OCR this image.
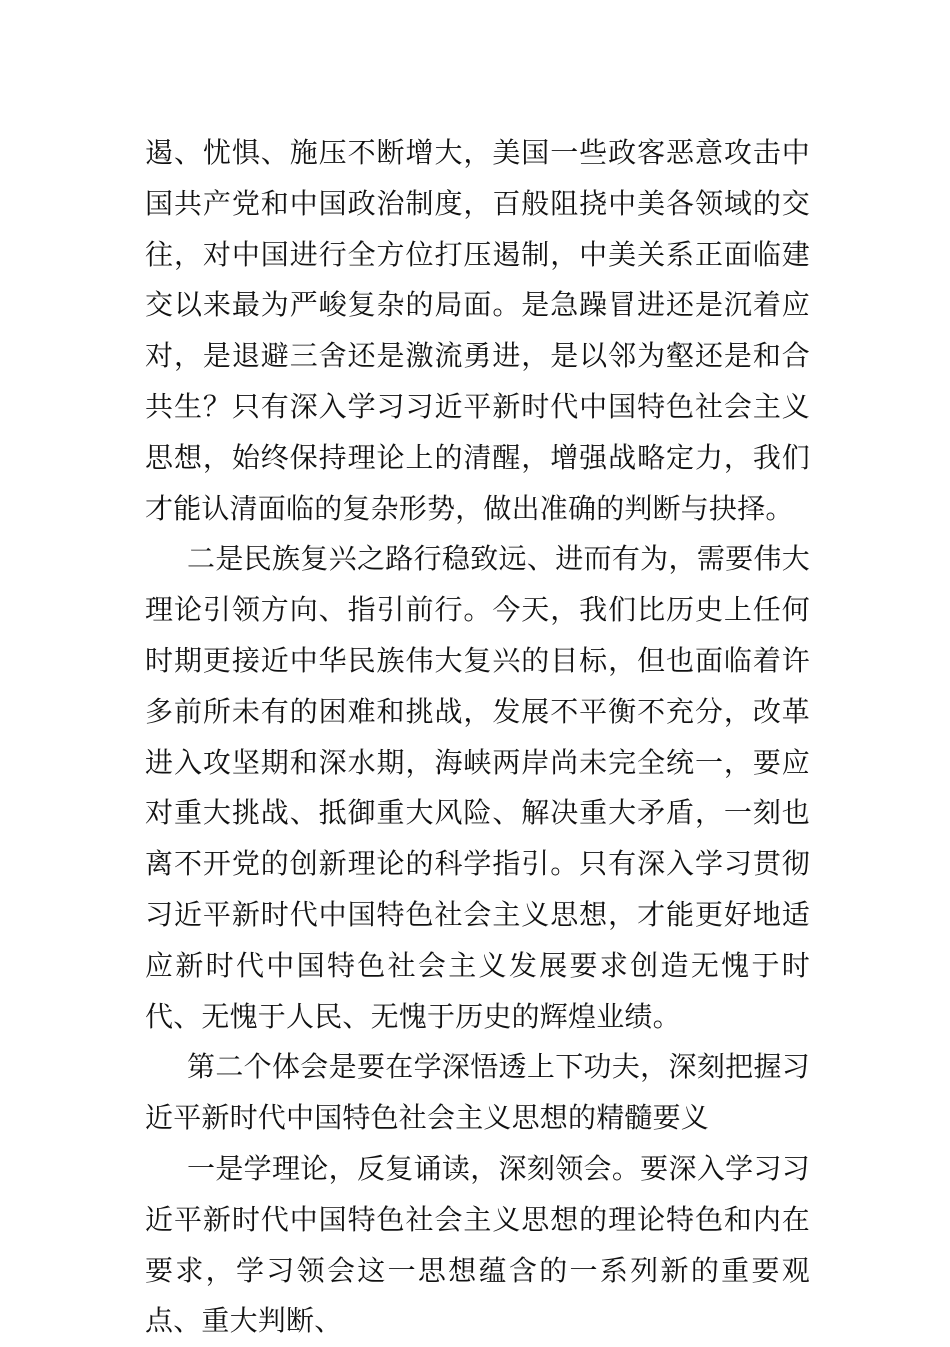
遏、忧惧、施压不断增大，美国一些政客恶意攻击中国共产党和中国政治制度，百般阻挠中美各领域的交往，对中国进行全方位打压遏制，中美关系正面临建交以来最为严峻复杂的局面。是急躁冒进还是沉着应对，是退避三舍还是激流勇进，是以邻为壑还是和合共生？只有深入学习习近平新时代中国特色社会主义思想，始终保持理论上的清醒，增强战略定力，我们才能认清面临的复杂形势，做出准确的判断与抉择。

二是民族复兴之路行稳致远、进而有为，需要伟大理论引领方向、指引前行。今天，我们比历史上任何时期更接近中华民族伟大复兴的目标，但也面临着许多前所未有的困难和挑战，发展不平衡不充分，改革进入攻坚期和深水期，海峡两岸尚未完全统一，要应对重大挑战、抵御重大风险、解决重大矛盾，一刻也离不开党的创新理论的科学指引。只有深入学习贯彻习近平新时代中国特色社会主义思想，才能更好地适应新时代中国特色社会主义发展要求创造无愧于时代、无愧于人民、无愧于历史的辉煌业绩。

第二个体会是要在学深悟透上下功夫，深刻把握习近平新时代中国特色社会主义思想的精髓要义

一是学理论，反复诵读，深刻领会。要深入学习习近平新时代中国特色社会主义思想的理论特色和内在要求，学习领会这一思想蕴含的一系列新的重要观点、重大判断、
